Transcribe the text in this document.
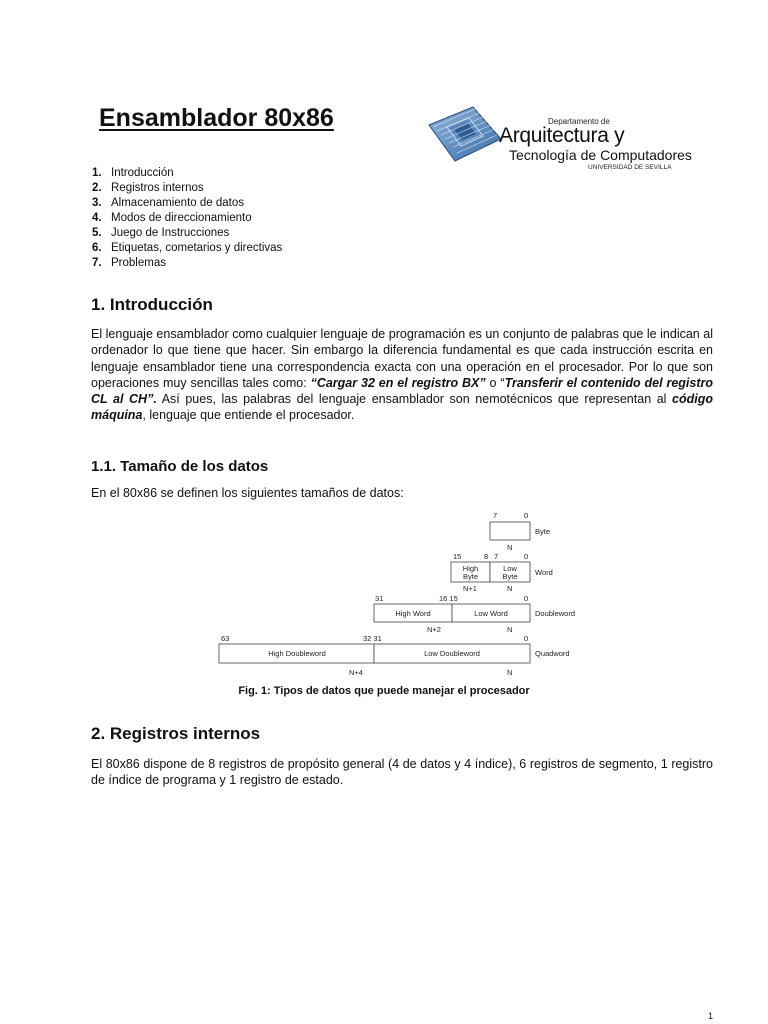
Ensamblador 80x86	Departamento de
Arquitectura y
Tecnología de Computadores
UNIVERSIDAD DE SEVILLA
1. Introducción
2. Registros internos
3. Almacenamiento de datos
4. Modos de direccionamiento
5. Juego de Instrucciones
6. Etiquetas, cometarios y directivas
7. Problemas
1. Introducción

El lenguaje ensamblador como cualquier lenguaje de programación es un conjunto de palabras que le indican al ordenador lo que tiene que hacer. Sin embargo la diferencia fundamental es que cada instrucción escrita en lenguaje ensamblador tiene una correspondencia exacta con una operación en el procesador. Por lo que son operaciones muy sencillas tales como: “Cargar 32 en el registro BX” o “Transferir el contenido del registro CL al CH”. Así pues, las palabras del lenguaje ensamblador son nemotécnicos que representan al código máquina, lenguaje que entiende el procesador.

1.1. Tamaño de los datos

En el 80x86 se definen los siguientes tamaños de datos:

7	0
Byte
N
15	8 7	0
High
Byte
Low
Byte Word
N+1	N
31	16 15	0
High Word	Low Word	Doubleword
N+2	N
63	32 31	0
High Doubleword	Low Doubleword	Quadword
N+4	N
Fig. 1: Tipos de datos que puede manejar el procesador
2. Registros internos

El 80x86 dispone de 8 registros de propósito general (4 de datos y 4 índice), 6 registros de segmento, 1 registro de índice de programa y 1 registro de estado.

1
